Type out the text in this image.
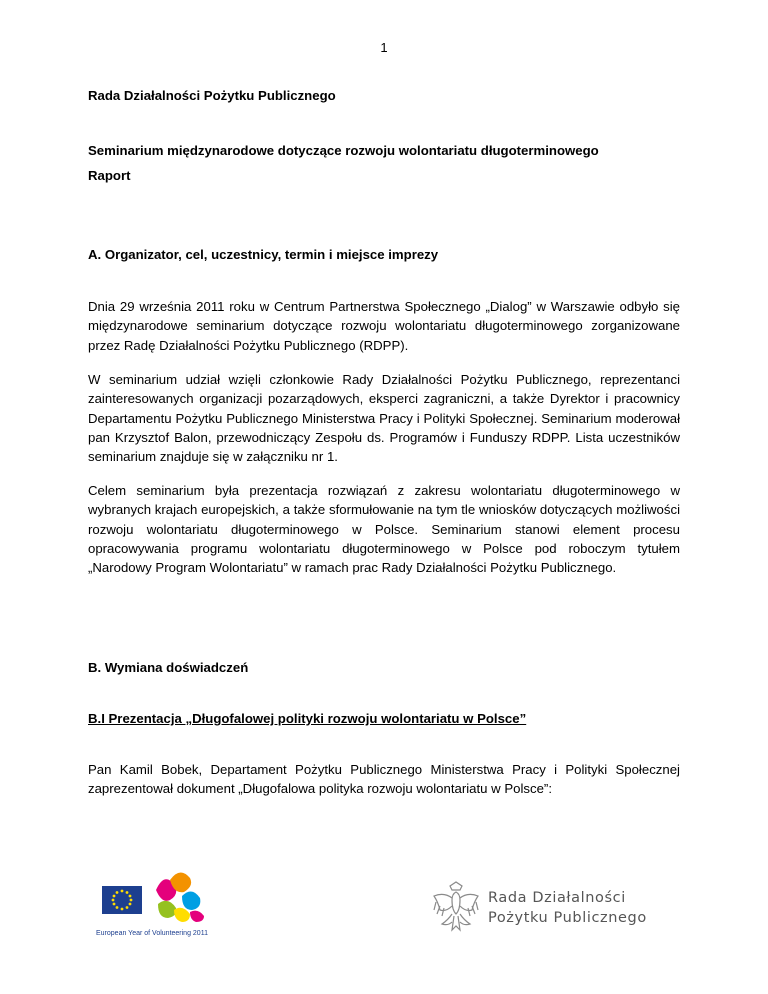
1
Rada Działalności Pożytku Publicznego
Seminarium międzynarodowe dotyczące rozwoju wolontariatu długoterminowego
Raport
A. Organizator, cel, uczestnicy, termin i miejsce imprezy
Dnia 29 września 2011 roku w Centrum Partnerstwa Społecznego „Dialog” w Warszawie odbyło się międzynarodowe seminarium dotyczące rozwoju wolontariatu długoterminowego zorganizowane przez Radę Działalności Pożytku Publicznego (RDPP).
W seminarium udział wzięli członkowie Rady Działalności Pożytku Publicznego, reprezentanci zainteresowanych organizacji pozarządowych, eksperci zagraniczni, a także Dyrektor i pracownicy Departamentu Pożytku Publicznego Ministerstwa Pracy i Polityki Społecznej. Seminarium moderował pan Krzysztof Balon, przewodniczący Zespołu ds. Programów i Funduszy RDPP. Lista uczestników seminarium znajduje się w załączniku nr 1.
Celem seminarium była prezentacja rozwiązań z zakresu wolontariatu długoterminowego w wybranych krajach europejskich, a także sformułowanie na tym tle wniosków dotyczących możliwości rozwoju wolontariatu długoterminowego w Polsce. Seminarium stanowi element procesu opracowywania programu wolontariatu długoterminowego w Polsce pod roboczym tytułem „Narodowy Program Wolontariatu” w ramach prac Rady Działalności Pożytku Publicznego.
B. Wymiana doświadczeń
B.I Prezentacja „Długofalowej polityki rozwoju wolontariatu w Polsce”
Pan Kamil Bobek, Departament Pożytku Publicznego Ministerstwa Pracy i Polityki Społecznej zaprezentował dokument „Długofalowa polityka rozwoju wolontariatu w Polsce”:
European Year of Volunteering 2011
Rada Działalności
Pożytku Publicznego
